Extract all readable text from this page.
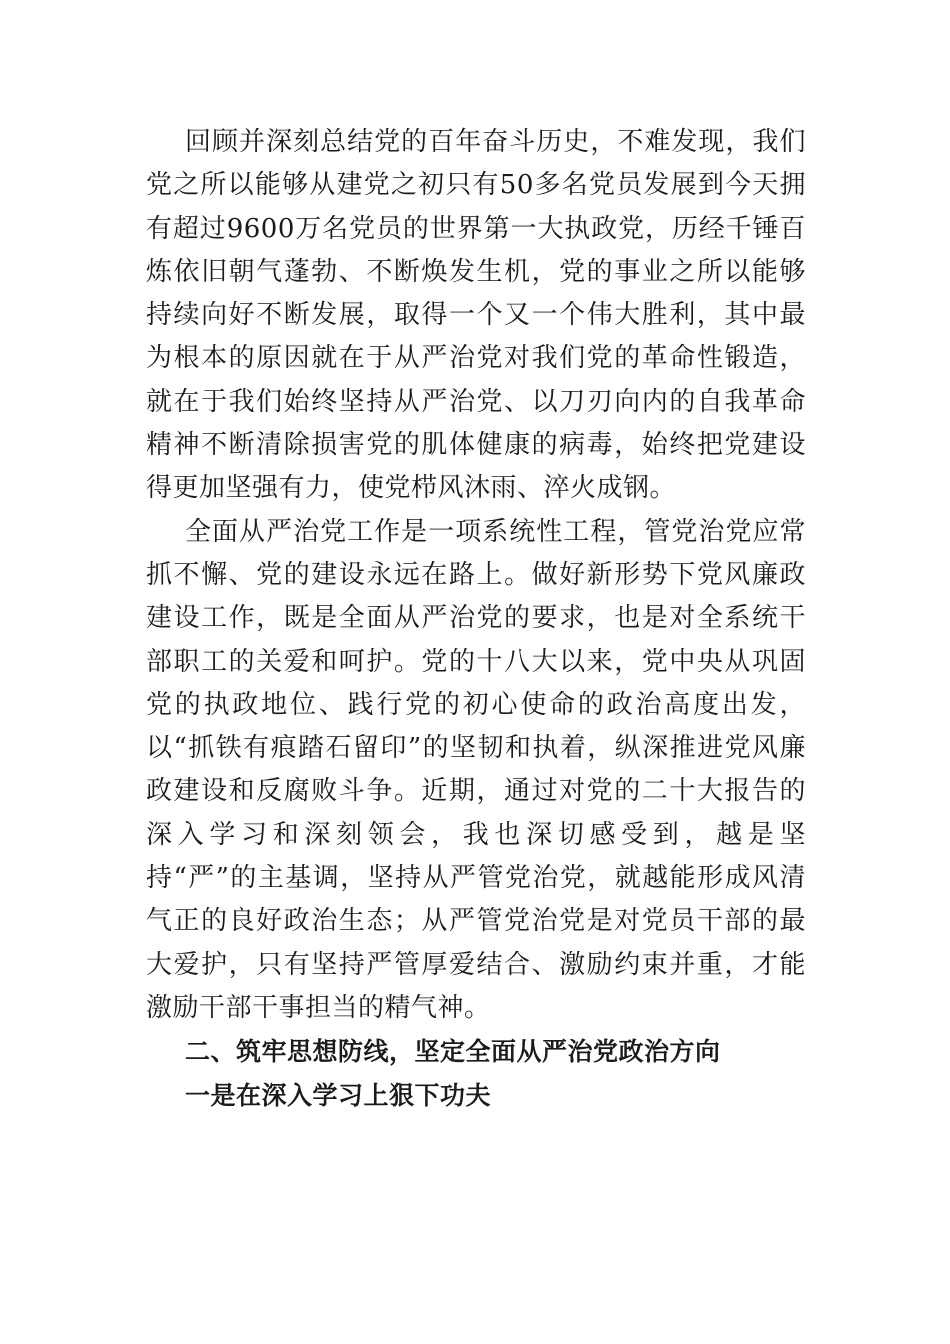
回顾并深刻总结党的百年奋斗历史，不难发现，我们党之所以能够从建党之初只有50多名党员发展到今天拥有超过9600万名党员的世界第一大执政党，历经千锤百炼依旧朝气蓬勃、不断焕发生机，党的事业之所以能够持续向好不断发展，取得一个又一个伟大胜利，其中最为根本的原因就在于从严治党对我们党的革命性锻造，就在于我们始终坚持从严治党、以刀刃向内的自我革命精神不断清除损害党的肌体健康的病毒，始终把党建设得更加坚强有力，使党栉风沐雨、淬火成钢。

全面从严治党工作是一项系统性工程，管党治党应常抓不懈、党的建设永远在路上。做好新形势下党风廉政建设工作，既是全面从严治党的要求，也是对全系统干部职工的关爱和呵护。党的十八大以来，党中央从巩固党的执政地位、践行党的初心使命的政治高度出发，以“抓铁有痕踏石留印”的坚韧和执着，纵深推进党风廉政建设和反腐败斗争。近期，通过对党的二十大报告的深入学习和深刻领会，我也深切感受到，越是坚持“严”的主基调，坚持从严管党治党，就越能形成风清气正的良好政治生态；从严管党治党是对党员干部的最大爱护，只有坚持严管厚爱结合、激励约束并重，才能激励干部干事担当的精气神。

二、筑牢思想防线，坚定全面从严治党政治方向

一是在深入学习上狠下功夫
